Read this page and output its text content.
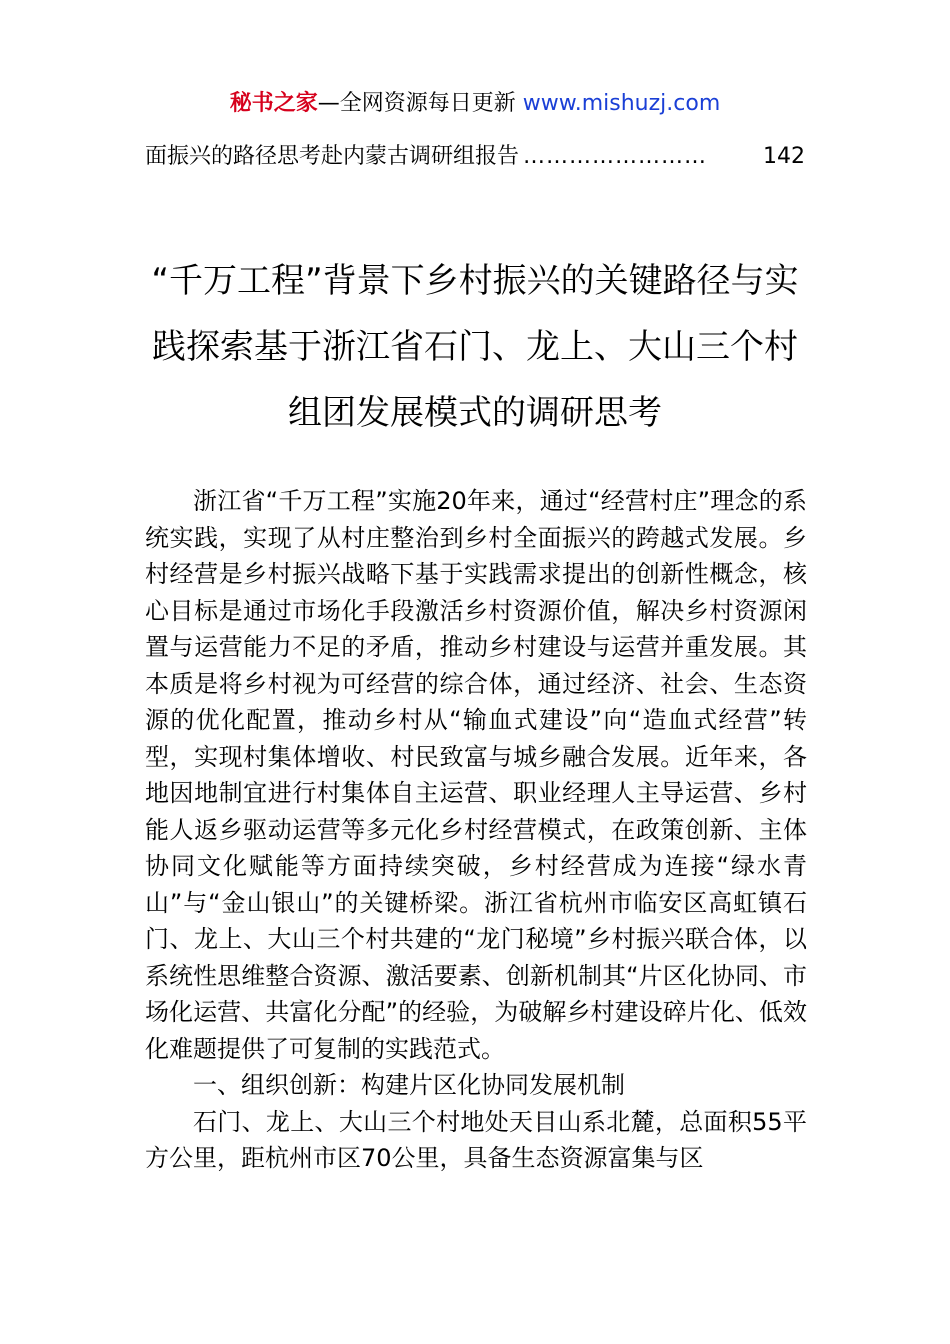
秘书之家—全网资源每日更新 www.mishuzj.com
面振兴的路径思考赴内蒙古调研组报告 ……………………	142
“千万工程”背景下乡村振兴的关键路径与实践探索基于浙江省石门、龙上、大山三个村组团发展模式的调研思考

浙江省“千万工程”实施20年来，通过“经营村庄”理念的系统实践，实现了从村庄整治到乡村全面振兴的跨越式发展。乡村经营是乡村振兴战略下基于实践需求提出的创新性概念，核心目标是通过市场化手段激活乡村资源价值，解决乡村资源闲置与运营能力不足的矛盾，推动乡村建设与运营并重发展。其本质是将乡村视为可经营的综合体，通过经济、社会、生态资源的优化配置，推动乡村从“输血式建设”向“造血式经营”转型，实现村集体增收、村民致富与城乡融合发展。近年来，各地因地制宜进行村集体自主运营、职业经理人主导运营、乡村能人返乡驱动运营等多元化乡村经营模式，在政策创新、主体协同文化赋能等方面持续突破，乡村经营成为连接“绿水青山”与“金山银山”的关键桥梁。浙江省杭州市临安区高虹镇石门、龙上、大山三个村共建的“龙门秘境”乡村振兴联合体，以系统性思维整合资源、激活要素、创新机制其“片区化协同、市场化运营、共富化分配”的经验，为破解乡村建设碎片化、低效化难题提供了可复制的实践范式。

一、组织创新：构建片区化协同发展机制

石门、龙上、大山三个村地处天目山系北麓，总面积55平方公里，距杭州市区70公里，具备生态资源富集与区
